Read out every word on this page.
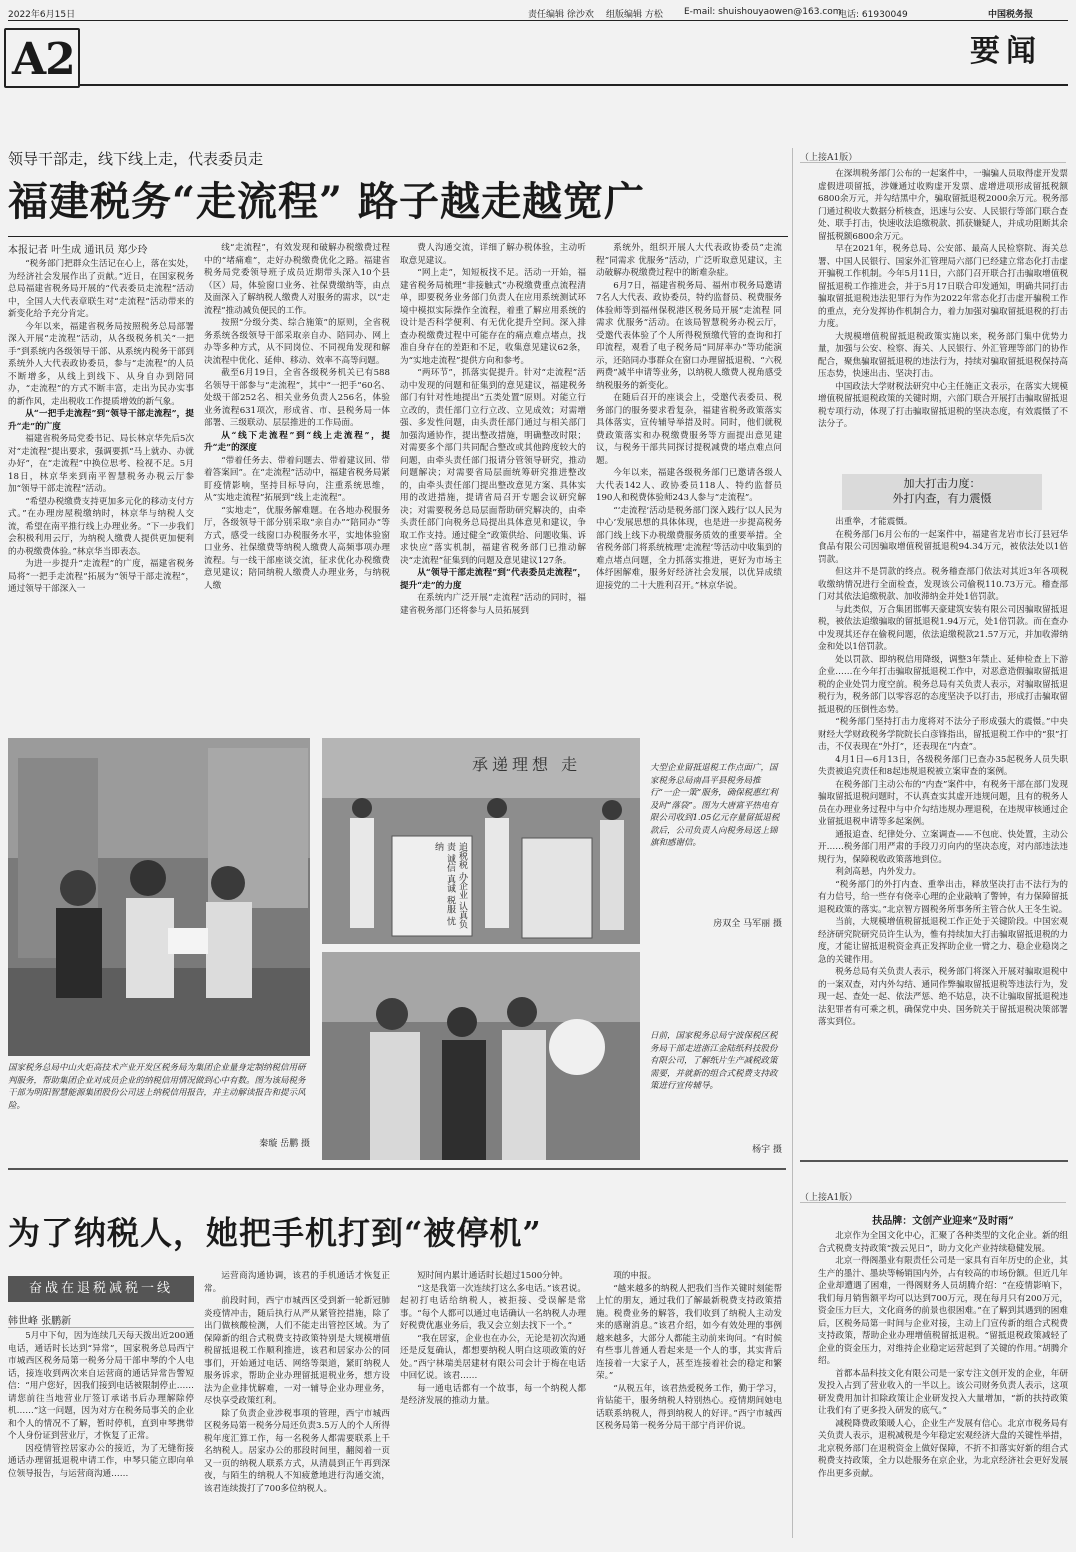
2022年6月15日	责任编辑 徐沙欢 组版编辑 方松 E-mail: shuishouyaowen@163.com
电话: 61930049	中国税务报
A2	要闻
领导干部走，线下线上走，代表委员走
福建税务“走流程” 路子越走越宽广
本报记者 叶生成 通讯员 郑少玲

“税务部门把群众生活记在心上，落在实处，为经济社会发展作出了贡献。”近日，在国家税务总局福建省税务局开展的“代表委员走流程”活动中，全国人大代表章联生对“走流程”活动带来的新变化给予充分肯定。

今年以来，福建省税务局按照税务总局部署深入开展“走流程”活动，从各级税务机关“一把手”到系统内各级领导干部、从系统内税务干部到系统外人大代表政协委员，参与“走流程”的人员不断增多，从线上到线下、从身自办到陪同办，“走流程”的方式不断丰富，走出为民办实事的新作风，走出税收工作提质增效的新气象。

从“一把手走流程”到“领导干部走流程”，提升“走”的广度

福建省税务局党委书记、局长林京华先后5次对“走流程”提出要求，强调要抓“马上就办、办就办好”，在“走流程”中换位思考、检视不足。5月18日，林京华来到南平智慧税务办税云厅参加“领导干部走流程”活动。

“希望办税缴费支持更加多元化的移动支付方式。”在办理房屋税缴纳时，林京华与纳税人交流，希望在南平推行线上办理业务。“下一步我们会积极利用云厅，为纳税人缴费人提供更加便利的办税缴费体验。”林京华当即表态。

为进一步提升“走流程”的广度，福建省税务局将“一把手走流程”拓展为“领导干部走流程”，通过领导干部深入一

线“走流程”，有效发现和破解办税缴费过程中的“堵痛难”，走好办税缴费优化之路。福建省税务局党委领导班子成员近期带头深入10个县（区）局，体验窗口业务、社保费缴纳等，由点及面深入了解纳税人缴费人对服务的需求，以“走流程”推动减负便民的工作。

按照“分级分类、综合施策”的原则，全省税务系统各级领导干部采取亲自办、陪同办、网上办等多种方式，从不同岗位、不同视角发现和解决流程中优化、延伸、移动、效率不高等问题。

截至6月19日，全省各级税务机关已有588名领导干部参与“走流程”，其中“一把手”60名、处级干部252名、相关业务负责人256名，体验业务流程631项次，形成省、市、县税务局一体部署、三级联动、层层推进的工作局面。

从“线下走流程”到“线上走流程”，提升“走”的深度

“带着任务去、带着问题去、带着建议回、带着答案回”。在“走流程”活动中，福建省税务局紧盯疫情影响，坚持目标导向，注重系统思维，从“实地走流程”拓展到“线上走流程”。

“实地走”，优服务解难题。在各地办税服务厅，各级领导干部分别采取“亲自办”“陪同办”等方式，感受一线窗口办税服务水平，实地体验窗口业务、社保缴费等纳税人缴费人高频事项办理流程。与一线干部座谈交流，征求优化办税缴费意见建议；陪同纳税人缴费人办理业务，与纳税人缴

费人沟通交流，详细了解办税体验，主动听取意见建议。

“网上走”，知短板找不足。活动一开始，福建省税务局梳理“非接触式”办税缴费重点流程清单，即要税务业务部门负责人在应用系统测试环境中模拟实际操作全流程，着重了解应用系统的设计是否科学便利、有无优化提升空间。深入排查办税缴费过程中可能存在的痛点难点堵点，找准自身存在的差距和不足，收集意见建议62条，为“实地走流程”提供方向和参考。

“两环节”，抓落实促提升。针对“走流程”活动中发现的问题和征集到的意见建议，福建税务部门有针对性地提出“五类处置”原则。对能立行立改的，责任部门立行立改、立见成效；对需增强、多发性问题，由头责任部门通过与相关部门加强沟通协作，提出整改措施，明确整改时限；对需要多个部门共同配合整改或其他跨度较大的问题，由牵头责任部门报请分管领导研究，推动问题解决；对需要省局层面统筹研究推进整改的，由牵头责任部门提出整改意见方案、具体实用的改进措施，提请省局召开专题会议研究解决；对需要税务总局层面帮助研究解决的，由牵头责任部门向税务总局提出具体意见和建议，争取工作支持。通过健全“政策供给、问题收集、诉求快应”落实机制，福建省税务部门已推动解决“走流程”征集到的问题及意见建议127条。

从“领导干部走流程”到“代表委员走流程”，提升“走”的力度

在系统内广泛开展“走流程”活动的同时，福建省税务部门还将参与人员拓展到

系统外，组织开展人大代表政协委员“走流程”同需求 优服务”活动，广泛听取意见建议，主动破解办税缴费过程中的断难杂症。

6月7日，福建省税务局、福州市税务局邀请7名人大代表、政协委员，特约监督员、税费服务体验师等到福州保税港区税务局开展“走流程 同需求 优服务”活动。在该局智慧税务办税云厅，受邀代表体验了个人所得税预缴代管的查询和打印流程，观看了电子税务局“同屏率办”等功能演示，还陪同办事群众在窗口办理留抵退税、“六税两费”减半申请等业务，以纳税人缴费人视角感受纳税服务的新变化。

在随后召开的座谈会上，受邀代表委员、税务部门的服务要求看复杂，福建省税务政策落实具体落实，宣传辅导举措及时。同时，他们就税费政策落实和办税缴费服务等方面提出意见建议，与税务干部共同探讨提税减费的堵点难点问题。

今年以来，福建各级税务部门已邀请各级人大代表142人、政协委员118人、特约监督员190人和税费体验师243人参与“走流程”。

“‘走流程’活动是税务部门深入践行‘以人民为中心’发展思想的具体体现，也是进一步提高税务部门线上线下办税缴费服务质效的重要举措。全省税务部门将系统梳理‘走流程’等活动中收集到的难点堵点问题，全力抓落实推进，更好为市场主体纾困解难，服务好经济社会发展，以优异成绩迎接党的二十大胜利召开。”林京华说。

国家税务总局中山火炬高技术产业开发区税务局为集团企业量身定制纳税信用研判服务，帮助集团企业对成员企业的纳税信用情况做到心中有数。图为该局税务干部为明阳智慧能源集团股份公司送上纳税信用报告，并主动解读报告和提示风险。
秦璇 岳鹏 摄
承递理想 走
追税税 办企业 认真负责 诚信 真诚 税服 忧纳
大型企业留抵退税工作点面广，国家税务总局南昌平县税务局推行“一企一策”服务，确保税惠红利及时“落袋”。图为大唐富平热电有限公司收到1.05亿元存量留抵退税款后，公司负责人向税务局送上锦旗和感谢信。
房双全 马军丽 摄
日前，国家税务总局宁波保税区税务局干部走进浙江金陆纸科技股份有限公司，了解纸片生产减税政策需要，并就新的组合式税费支持政策进行宣传辅导。
杨宇 摄
（上接A1版）

在深圳税务部门公布的一起案件中，一骗骗人员取得虚开发票虚假进项留抵，涉嫌通过收购虚开发票、虚增进项形成留抵税额6800余万元，并勾结黑中介，骗取留抵退税2000余万元。税务部门通过税收大数据分析核查，迅速与公安、人民银行等部门联合查处、联手打击，快速收法追缴税款、抓获嫌疑人，并成功阻断其余留抵税额6800余万元。

早在2021年，税务总局、公安部、最高人民检察院、海关总署、中国人民银行、国家外汇管理局六部门已经建立常态化打击虚开骗税工作机制。今年5月11日，六部门召开联合打击骗取增值税留抵退税工作推进会，并于5月17日联合印发通知，明确共同打击骗取留抵退税违法犯罪行为作为2022年常态化打击虚开骗税工作的重点，充分发挥协作机制合力，着力加强对骗取留抵退税的打击力度。

大规模增值税留抵退税政策实施以来，税务部门集中优势力量，加强与公安、检察、海关、人民银行、外汇管理等部门的协作配合，聚焦骗取留抵退税的违法行为，持续对骗取留抵退税保持高压态势，快速出击、坚决打击。

中国政法大学财税法研究中心主任施正文表示，在落实大规模增值税留抵退税政策的关键时期，六部门联合开展打击骗取留抵退税专项行动，体现了打击骗取留抵退税的坚决态度，有效震慑了不法分子。

加大打击力度：
外打内查，有力震慑

出重拳，才能震慑。

在税务部门6月公布的一起案件中，福建省龙岩市长汀县冠华食品有限公司因骗取增值税留抵退税94.34万元，被依法处以1倍罚款。

但这并不是罚款的终点。税务稽查部门依法对其近3年各项税收缴纳情况进行全面检查，发现该公司偷税110.73万元。稽查部门对其依法追缴税款、加收滞纳金并处1倍罚款。

与此类似，万合集团邯郸天豪建筑安装有限公司因骗取留抵退税，被依法追缴骗取的留抵退税1.94万元，处1倍罚款。而在查办中发现其还存在偷税问题，依法追缴税款21.57万元，并加收滞纳金和处以1倍罚款。

处以罚款、即纳税信用降级，调整3年禁止、延伸检查上下游企业……在今年打击骗取留抵退税工作中，对恶意造假骗取留抵退税的企业处罚力度空前。税务总局有关负责人表示，对骗取留抵退税行为，税务部门以零容忍的态度坚决予以打击，形成打击骗取留抵退税的压倒性态势。

“税务部门坚持打击力度将对不法分子形成强大的震慑。”中央财经大学财政税务学院院长白彦锋指出，留抵退税工作中的“狠”打击，不仅表现在“外打”，还表现在“内查”。

4月1日—6月13日，各级税务部门已查办35起税务人员失职失责被追究责任和8起违规退税被立案审查的案例。

在税务部门主动公布的“内查”案件中，有税务干部在部门发现骗取留抵退税问题时，不认真查实其虚开违规问题，且有的税务人员在办理业务过程中与中介勾结违规办理退税，在违规审核通过企业留抵退税申请等多起案例。

通报追查、纪律处分、立案调查——不包庇、快处置，主动公开……税务部门用严肃的手段刀刃向内的坚决态度，对内部违法违规行为，保障税收政策落地到位。

利剑高悬，内外发力。

“税务部门的外打内查、重拳出击，释放坚决打击不法行为的有力信号，给一些存有侥幸心理的企业敲响了警钟，有力保障留抵退税政策的落实。”北京智方圆税务所事务所主管合伙人王冬生说。

当前，大规模增值税留抵退税工作正处于关键阶段。中国宏观经济研究院研究员许生认为，惟有持续加大打击骗取留抵退税的力度，才能让留抵退税资金真正发挥助企业一臂之力、稳企业稳岗之急的关键作用。

税务总局有关负责人表示，税务部门将深入开展对骗取退税中的一案双查，对内外勾结、通同作弊骗取留抵退税等违法行为，发现一起、查处一起、依法严惩、绝不姑息，决不让骗取留抵退税违法犯罪者有可乘之机，确保党中央、国务院关于留抵退税决策部署落实到位。

（上接A1版）
扶品牌：文创产业迎来“及时雨”

北京作为全国文化中心，汇聚了各种类型的文化企业。新的组合式税费支持政策“拨云见日”，助力文化产业持续稳健发展。

北京一得阁墨业有限责任公司是一家具有百年历史的企业，其生产的墨汁、墨块等畅销国内外，占有较高的市场份额。但近几年企业却遭遇了困难，一得阁财务人员胡腾介绍：“在疫情影响下，我们每月销售额平均可以达到700万元，现在每月只有200万元，资金压力巨大，文化商务的前景也很困难。”在了解到其遇到的困难后，区税务局第一时间与企业对接，主动上门宣传新的组合式税费支持政策，帮助企业办理增值税留抵退税。“留抵退税政策减轻了企业的资金压力，对维持企业稳定运营起到了关键的作用。”胡腾介绍。

首都本品科技文化有限公司是一家专注文创开发的企业，年研发投入占到了营业收入的一半以上。该公司财务负责人表示，这项研发费用加计扣除政策让企业研发投入大量增加，“新的扶持政策让我们有了更多投入研发的底气。”

减税降费政策暖人心，企业生产发展有信心。北京市税务局有关负责人表示，退税减税是今年稳定宏观经济大盘的关键性举措，北京税务部门在退税资金上做好保障，不折不扣落实好新的组合式税费支持政策，全力以赴服务在京企业，为北京经济社会更好发展作出更多贡献。

为了纳税人，她把手机打到“被停机”
奋战在退税减税一线
韩世峰 张鹏新

5月中下旬，因为连续几天每天拨出近200通电话，通话时长达到“异常”，国家税务总局西宁市城西区税务局第一税务分局干部申琴的个人电话，接连收到两次来自运营商的通话异常告警短信：“用户您好，因我们接到电话被限制停止……请您前往当地营业厅签订承诺书后办理解除停机……”这一问题，因为对方在税务局事关的企业和个人的情况不了解，暂时停机，直到申琴携带个人身份证到营业厅，才恢复了正常。

因疫情管控居家办公的接近，为了无缝衔接通话办理留抵退税申请工作，申琴只能立即向单位领导报告，与运营商沟通……

运营商沟通协调，该君的手机通话才恢复正常。

前段时间，西宁市城西区受到新一轮新冠肺炎疫情冲击，随后执行从严从紧管控措施，除了出门做核酸检测，人们不能走出管控区域。为了保障新的组合式税费支持政策特别是大规模增值税留抵退税工作顺利推进，该君和居家办公的同事们，开始通过电话、网络等渠道，紧盯纳税人服务诉求，帮助企业办理留抵退税业务，想方设法为企业排忧解难，一对一辅导企业办理业务，尽快享受政策红利。

除了负责企业涉税事项的管理，西宁市城西区税务局第一税务分局还负责3.5万人的个人所得税年度汇算工作，每一名税务人都需要联系上千名纳税人。居家办公的那段时间里，翻阅着一页又一页的纳税人联系方式，从清晨到正午再到深夜，与陌生的纳税人不知疲惫地进行沟通交流，该君连续拨打了700多位纳税人。

短时间内累计通话时长超过1500分钟。

“这是我第一次连续打这么多电话。”该君说。起初打电话给纳税人，被拒接、受误解是常事。“每个人都可以通过电话确认一名纳税人办理好税费优惠业务后，我又会立刻去找下一个。”

“我在居家，企业也在办公，无论是初次沟通还是反复确认，都想要纳税人明白这项政策的好处。”西宁林瑞美居建材有限公司会计于梅在电话中回忆说。该君……

每一通电话都有一个故事，每一个纳税人都是经济发展的推动力量。

项的申报。

“越来越多的纳税人把我们当作关键时刻能帮上忙的朋友，通过我们了解最新税费支持政策措施。税费业务的解答，我们收到了纳税人主动发来的感谢消息。”该君介绍，如今有效处理的事例越来越多，大部分人都能主动前来询问。“有时候有些事儿普通人看起来是一个人的事，其实背后连接着一大家子人，甚至连接着社会的稳定和繁荣。”

“从税五年，该君热爱税务工作，勤于学习，肯钻能干，服务纳税人特别热心。疫情期间她电话联系纳税人，得到纳税人的好评。”西宁市城西区税务局第一税务分局干部宁肖评价说。
